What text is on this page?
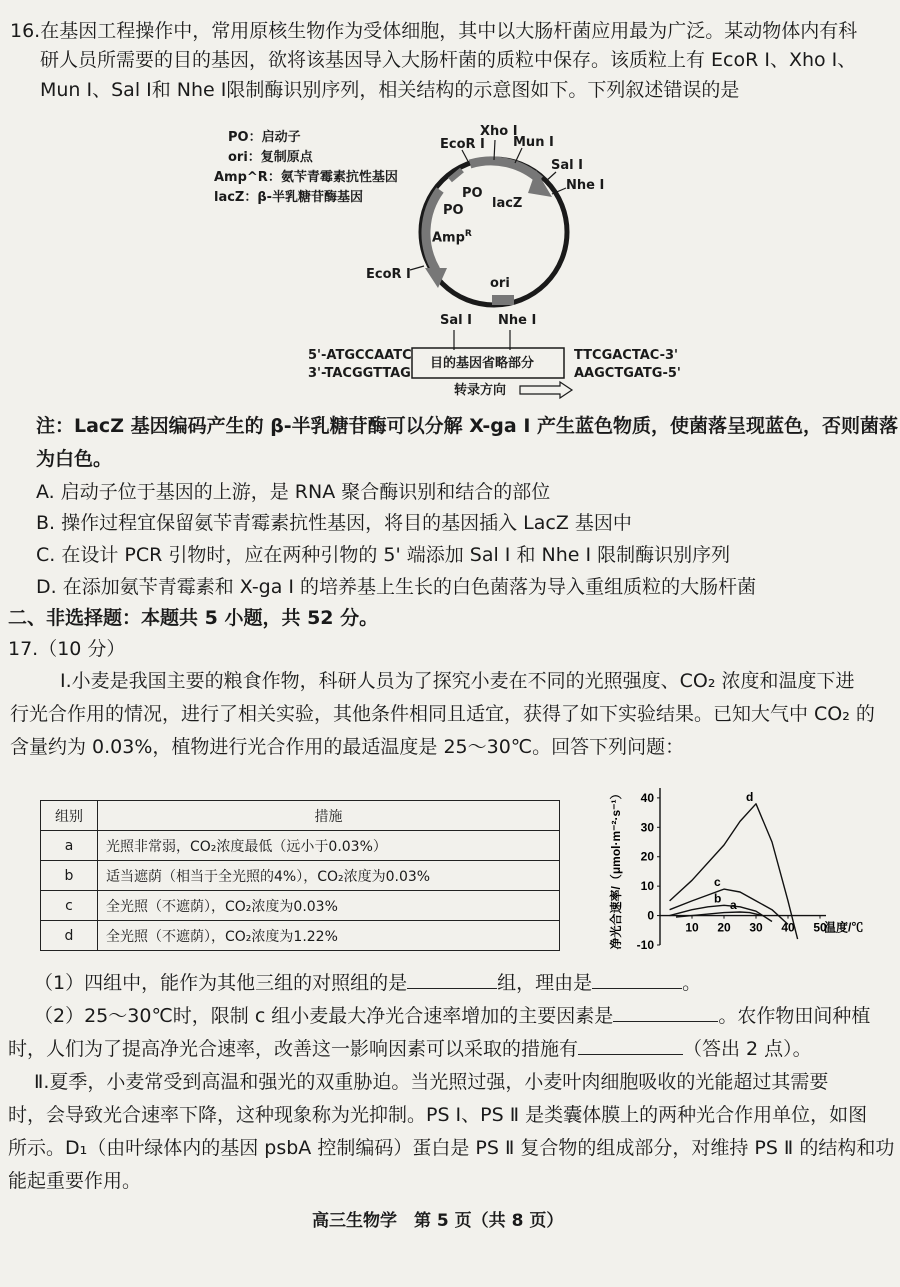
16.在基因工程操作中，常用原核生物作为受体细胞，其中以大肠杆菌应用最为广泛。某动物体内有科
研人员所需要的目的基因，欲将该基因导入大肠杆菌的质粒中保存。该质粒上有 EcoR Ⅰ、Xho Ⅰ、
Mun Ⅰ、Sal Ⅰ和 Nhe Ⅰ限制酶识别序列，相关结构的示意图如下。下列叙述错误的是
PO：启动子
ori：复制原点
Amp^R：氨苄青霉素抗性基因
lacZ：β-半乳糖苷酶基因
Xho Ⅰ
EcoR Ⅰ Mun Ⅰ
Sal Ⅰ
Nhe Ⅰ
PO
PO lacZ
Amp$^R$
ori
EcoR Ⅰ
Sal Ⅰ Nhe Ⅰ
5'-ATGCCAATC
3'-TACGGTTAG
目的基因省略部分
TTCGACTAC-3'
AAGCTGATG-5'
转录方向
注：LacZ 基因编码产生的 β-半乳糖苷酶可以分解 X-ga Ⅰ 产生蓝色物质，使菌落呈现蓝色，否则菌落
为白色。
A. 启动子位于基因的上游，是 RNA 聚合酶识别和结合的部位
B. 操作过程宜保留氨苄青霉素抗性基因，将目的基因插入 LacZ 基因中
C. 在设计 PCR 引物时，应在两种引物的 5' 端添加 Sal Ⅰ 和 Nhe Ⅰ 限制酶识别序列
D. 在添加氨苄青霉素和 X-ga Ⅰ 的培养基上生长的白色菌落为导入重组质粒的大肠杆菌
二、非选择题：本题共 5 小题，共 52 分。
17.（10 分）
Ⅰ.小麦是我国主要的粮食作物，科研人员为了探究小麦在不同的光照强度、CO₂ 浓度和温度下进
行光合作用的情况，进行了相关实验，其他条件相同且适宜，获得了如下实验结果。已知大气中 CO₂ 的
含量约为 0.03%，植物进行光合作用的最适温度是 25～30℃。回答下列问题：
组别	措施
a	光照非常弱，CO₂浓度最低（远小于0.03%）
b	适当遮荫（相当于全光照的4%），CO₂浓度为0.03%
c	全光照（不遮荫），CO₂浓度为0.03%
d	全光照（不遮荫），CO₂浓度为1.22%
-10
0
10
20
30
40
10 20 30 40 50
温度/℃
净光合速率/（μmol·m⁻²·s⁻¹）	a
b
c
d
（1）四组中，能作为其他三组的对照组的是	组，理由是	。
（2）25～30℃时，限制 c 组小麦最大净光合速率增加的主要因素是	。农作物田间种植
时，人们为了提高净光合速率，改善这一影响因素可以采取的措施有	（答出 2 点）。
Ⅱ.夏季，小麦常受到高温和强光的双重胁迫。当光照过强，小麦叶肉细胞吸收的光能超过其需要
时，会导致光合速率下降，这种现象称为光抑制。PS Ⅰ、PS Ⅱ 是类囊体膜上的两种光合作用单位，如图
所示。D₁（由叶绿体内的基因 psbA 控制编码）蛋白是 PS Ⅱ 复合物的组成部分，对维持 PS Ⅱ 的结构和功
能起重要作用。
高三生物学　第 5 页（共 8 页）
